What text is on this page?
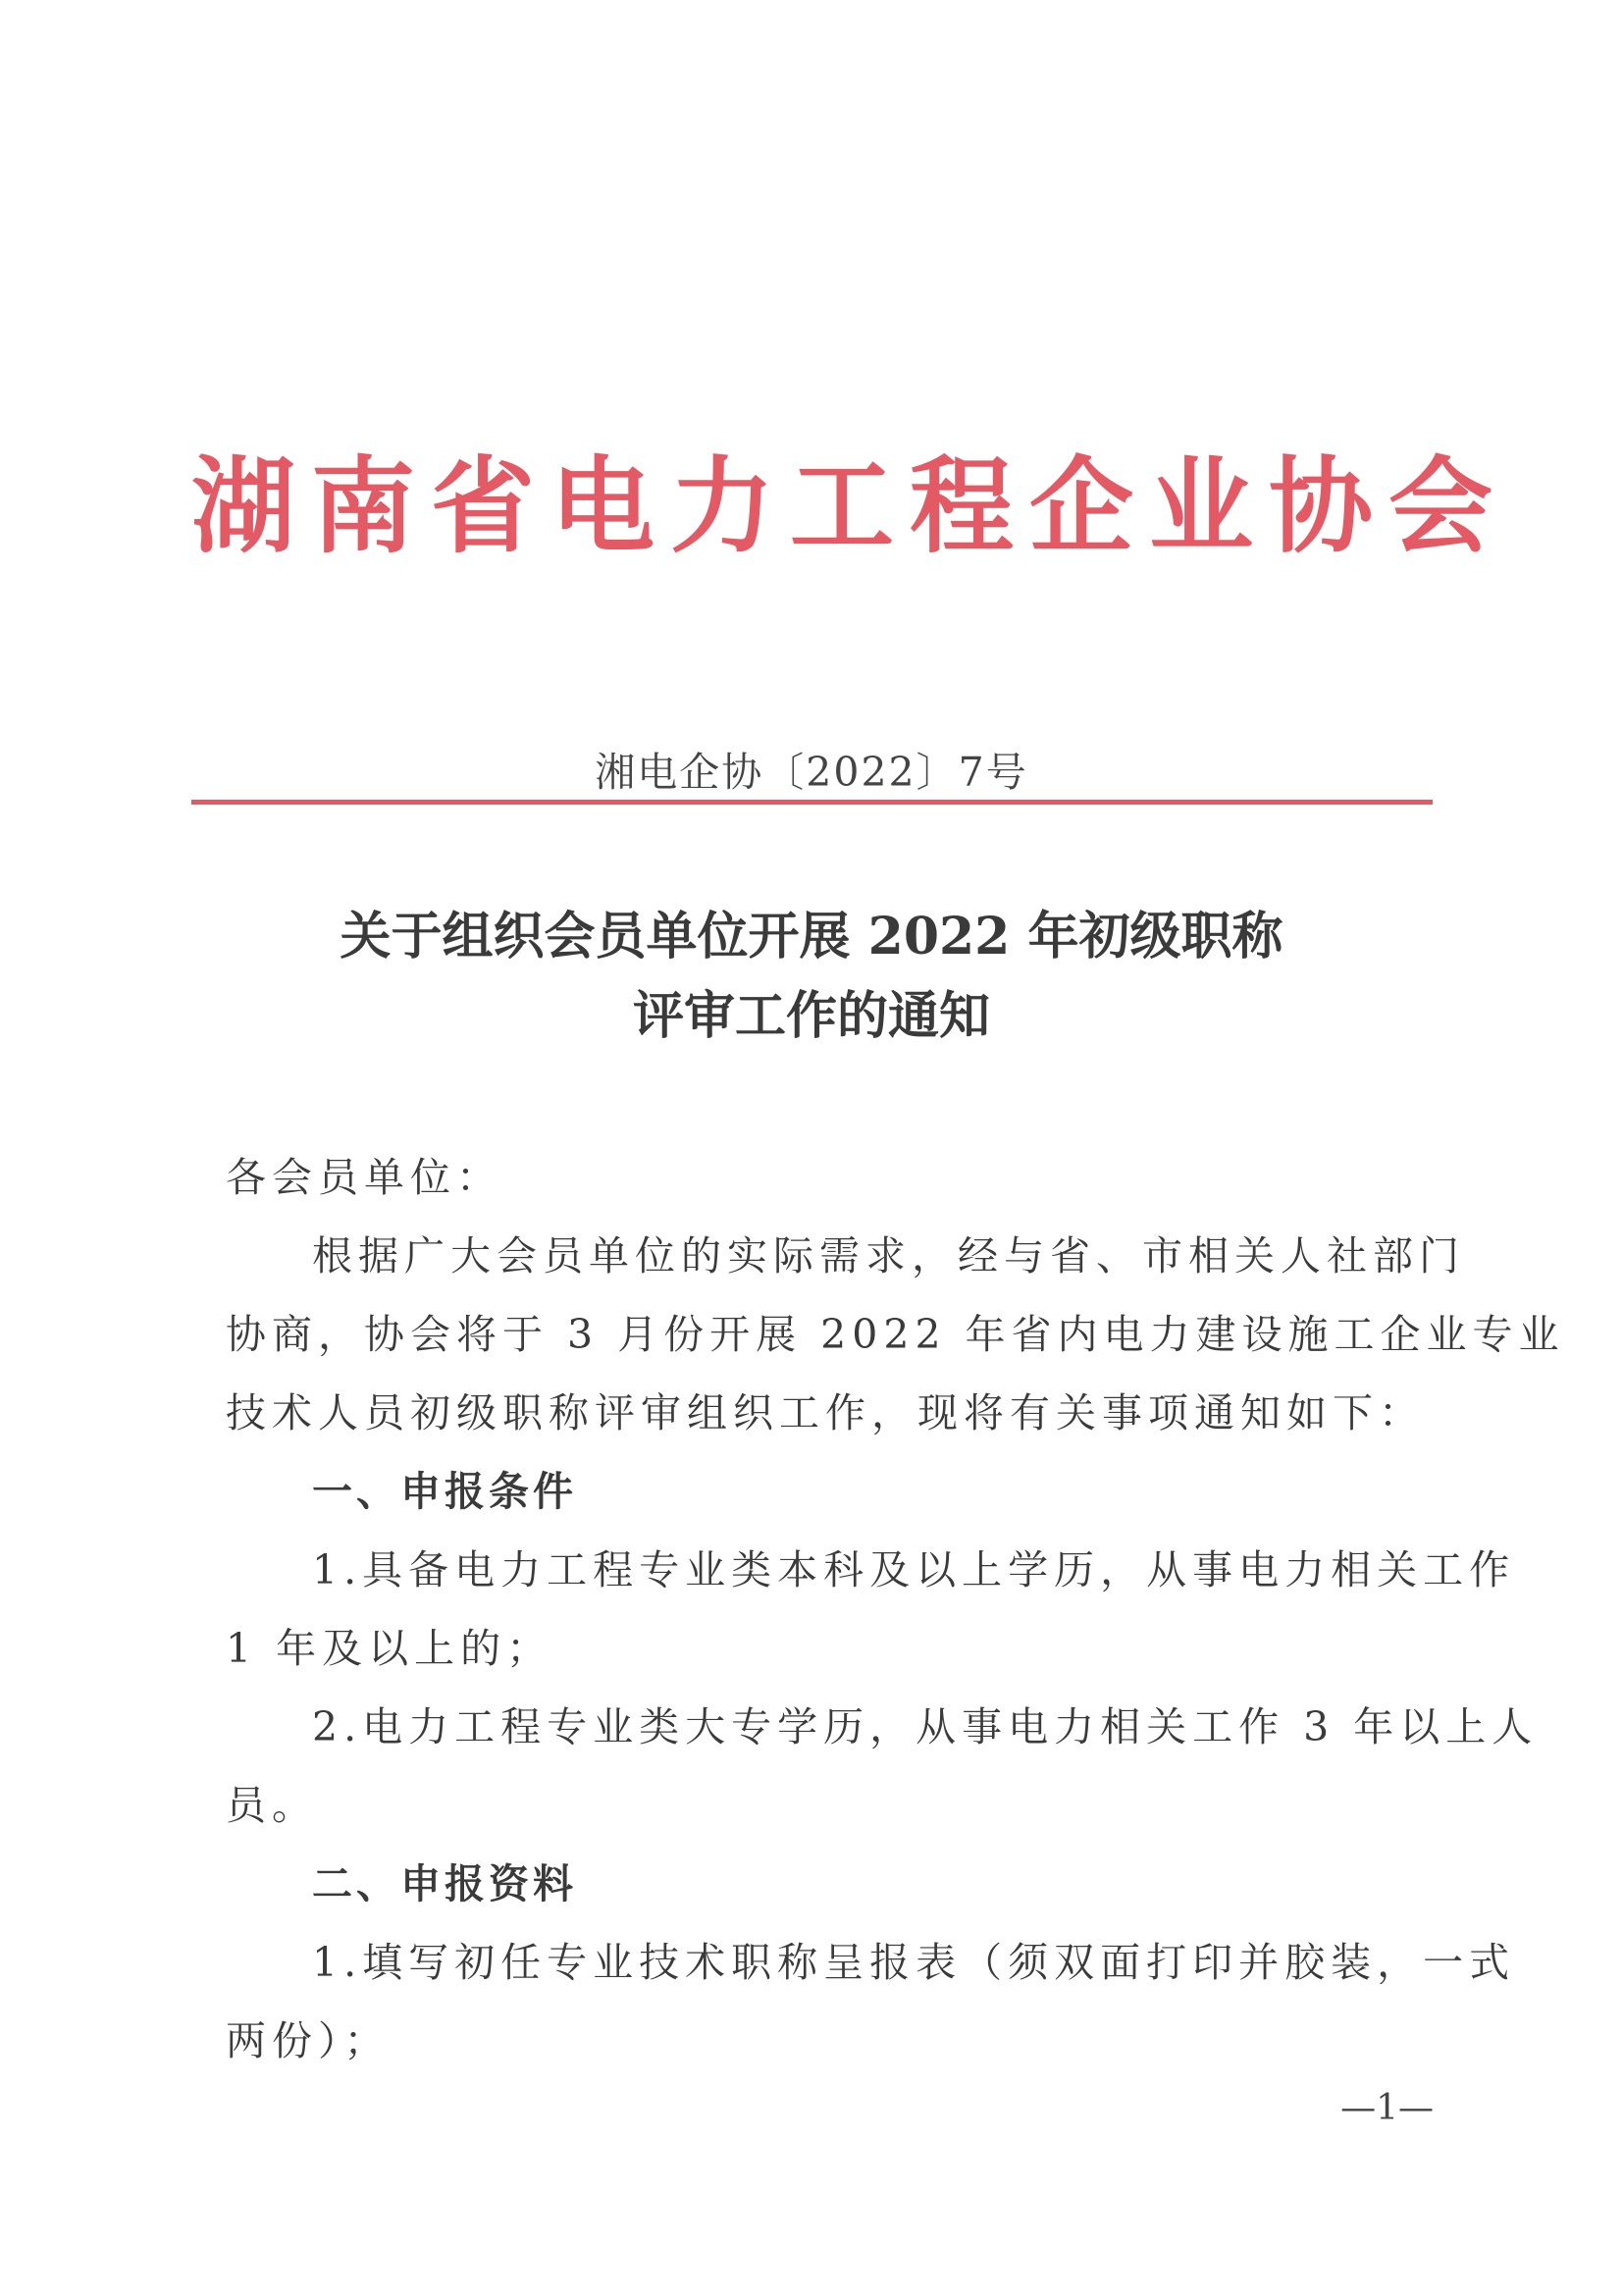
湖南省电力工程企业协会
湘电企协〔2022〕7号
关于组织会员单位开展 2022 年初级职称
评审工作的通知
各会员单位：
根据广大会员单位的实际需求，经与省、市相关人社部门
协商，协会将于 3 月份开展 2022 年省内电力建设施工企业专业
技术人员初级职称评审组织工作，现将有关事项通知如下：
一、申报条件
1.具备电力工程专业类本科及以上学历，从事电力相关工作
1 年及以上的；
2.电力工程专业类大专学历，从事电力相关工作 3 年以上人
员。
二、申报资料
1.填写初任专业技术职称呈报表（须双面打印并胶装，一式
两份）；
—1—
